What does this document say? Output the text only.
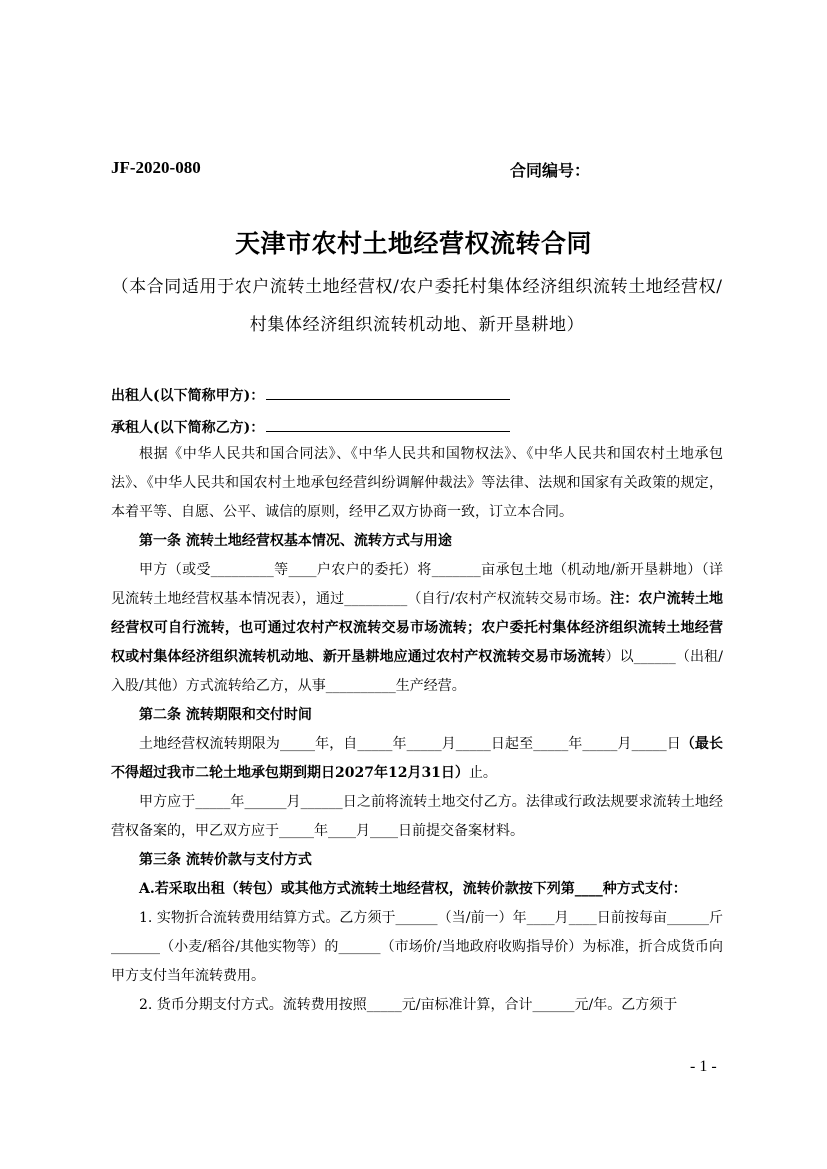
JF-2020-080	合同编号：
天津市农村土地经营权流转合同
（本合同适用于农户流转土地经营权/农户委托村集体经济组织流转土地经营权/村集体经济组织流转机动地、新开垦耕地）
出租人(以下简称甲方)：
承租人(以下简称乙方)：

根据《中华人民共和国合同法》、《中华人民共和国物权法》、《中华人民共和国农村土地承包法》、《中华人民共和国农村土地承包经营纠纷调解仲裁法》等法律、法规和国家有关政策的规定，本着平等、自愿、公平、诚信的原则，经甲乙双方协商一致，订立本合同。

第一条 流转土地经营权基本情况、流转方式与用途

甲方（或受_________等____户农户的委托）将_______亩承包土地（机动地/新开垦耕地）（详见流转土地经营权基本情况表），通过_________（自行/农村产权流转交易市场。注：农户流转土地经营权可自行流转，也可通过农村产权流转交易市场流转；农户委托村集体经济组织流转土地经营权或村集体经济组织流转机动地、新开垦耕地应通过农村产权流转交易市场流转）以______（出租/入股/其他）方式流转给乙方，从事__________生产经营。

第二条 流转期限和交付时间

土地经营权流转期限为_____年，自_____年_____月_____日起至_____年_____月_____日（最长不得超过我市二轮土地承包期到期日2027年12月31日）止。

甲方应于_____年______月______日之前将流转土地交付乙方。法律或行政法规要求流转土地经营权备案的，甲乙双方应于_____年____月____日前提交备案材料。

第三条 流转价款与支付方式

A.若采取出租（转包）或其他方式流转土地经营权，流转价款按下列第____种方式支付：

1. 实物折合流转费用结算方式。乙方须于______（当/前一）年____月____日前按每亩______斤_______（小麦/稻谷/其他实物等）的______（市场价/当地政府收购指导价）为标准，折合成货币向甲方支付当年流转费用。

2. 货币分期支付方式。流转费用按照_____元/亩标准计算，合计______元/年。乙方须于

- 1 -
